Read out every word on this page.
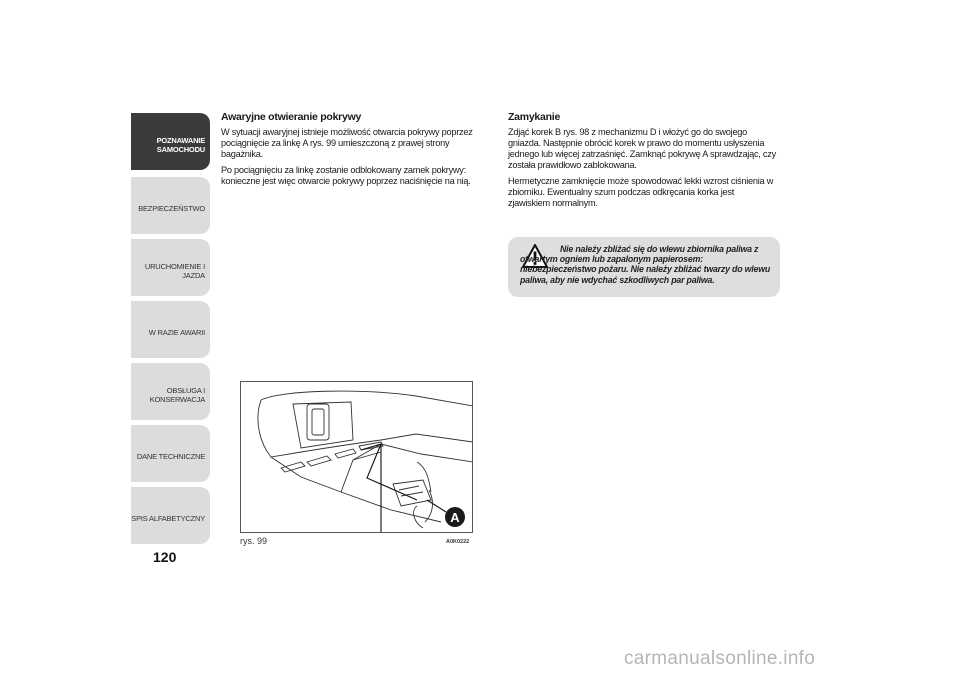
POZNAWANIE
SAMOCHODU
BEZPIECZEŃSTWO
URUCHOMIENIE I
JAZDA
W RAZIE AWARII
OBSŁUGA I
KONSERWACJA
DANE TECHNICZNE
SPIS ALFABETYCZNY
120
Awaryjne otwieranie pokrywy

W sytuacji awaryjnej istnieje możliwość otwarcia pokrywy poprzez pociągnięcie za linkę A rys. 99 umieszczoną z prawej strony bagażnika.

Po pociągnięciu za linkę zostanie odblokowany zamek pokrywy: konieczne jest więc otwarcie pokrywy poprzez naciśnięcie na nią.

Zamykanie

Zdjąć korek B rys. 98 z mechanizmu D i włożyć go do swojego gniazda. Następnie obrócić korek w prawo do momentu usłyszenia jednego lub więcej zatrzaśnięć. Zamknąć pokrywę A sprawdzając, czy została prawidłowo zablokowana.

Hermetyczne zamknięcie może spowodować lekki wzrost ciśnienia w zbiorniku. Ewentualny szum podczas odkręcania korka jest zjawiskiem normalnym.

Nie należy zbliżać się do wlewu zbiornika paliwa z otwartym ogniem lub zapalonym papierosem: niebezpieczeństwo pożaru. Nie należy zbliżać twarzy do wlewu paliwa, aby nie wdychać szkodliwych par paliwa.
A
rys. 99	A0K0222
carmanualsonline.info
